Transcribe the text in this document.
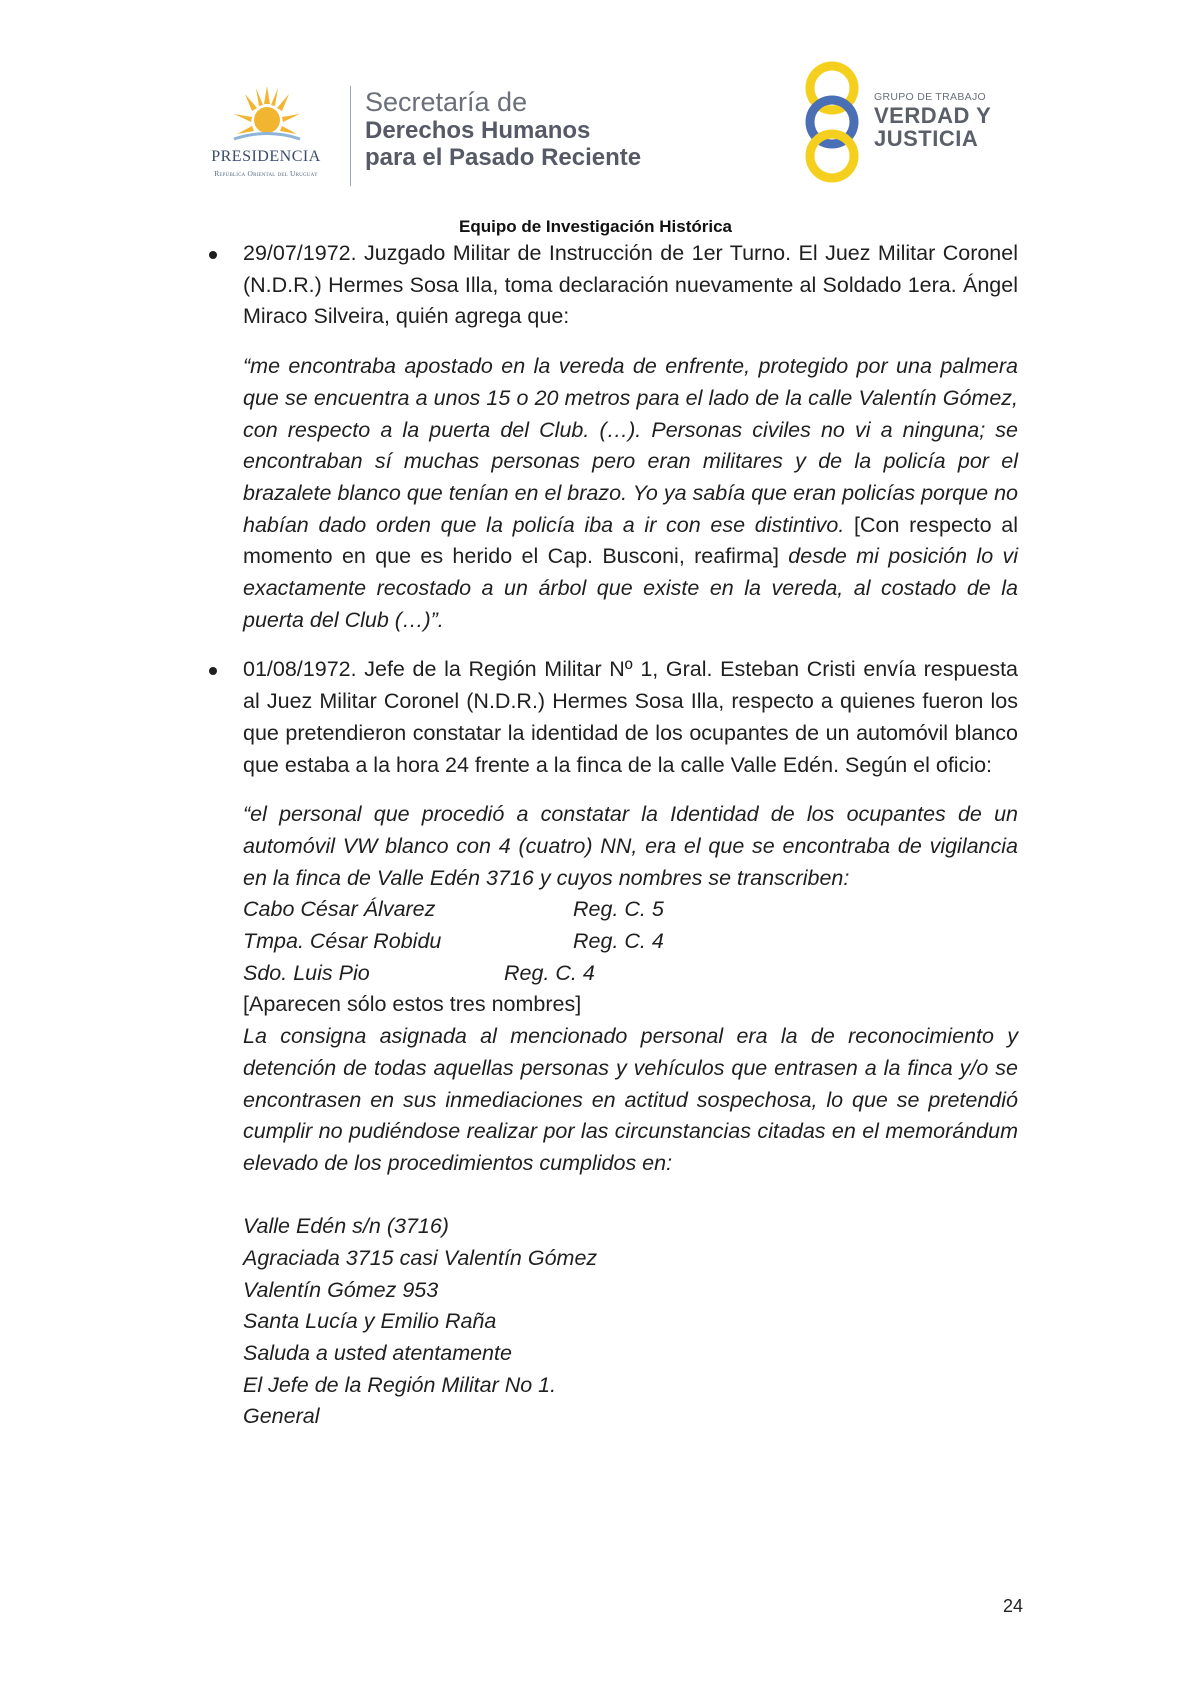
PRESIDENCIA
República Oriental del Uruguay
Secretaría de
Derechos Humanos
para el Pasado Reciente
GRUPO DE TRABAJO
VERDAD Y
JUSTICIA
Equipo de Investigación Histórica
29/07/1972. Juzgado Militar de Instrucción de 1er Turno. El Juez Militar Coronel (N.D.R.) Hermes Sosa Illa, toma declaración nuevamente al Soldado 1era. Ángel Miraco Silveira, quién agrega que:
“me encontraba apostado en la vereda de enfrente, protegido por una palmera que se encuentra a unos 15 o 20 metros para el lado de la calle Valentín Gómez, con respecto a la puerta del Club. (…). Personas civiles no vi a ninguna; se encontraban sí muchas personas pero eran militares y de la policía por el brazalete blanco que tenían en el brazo. Yo ya sabía que eran policías porque no habían dado orden que la policía iba a ir con ese distintivo. [Con respecto al momento en que es herido el Cap. Busconi, reafirma] desde mi posición lo vi exactamente recostado a un árbol que existe en la vereda, al costado de la puerta del Club (…)”.
01/08/1972. Jefe de la Región Militar Nº 1, Gral. Esteban Cristi envía respuesta al Juez Militar Coronel (N.D.R.) Hermes Sosa Illa, respecto a quienes fueron los que pretendieron constatar la identidad de los ocupantes de un automóvil blanco que estaba a la hora 24 frente a la finca de la calle Valle Edén. Según el oficio:
“el personal que procedió a constatar la Identidad de los ocupantes de un automóvil VW blanco con 4 (cuatro) NN, era el que se encontraba de vigilancia en la finca de Valle Edén 3716 y cuyos nombres se transcriben:
Cabo César Álvarez	Reg. C. 5
Tmpa. César Robidu	Reg. C. 4
Sdo. Luis Pio	Reg. C. 4
[Aparecen sólo estos tres nombres]
La consigna asignada al mencionado personal era la de reconocimiento y detención de todas aquellas personas y vehículos que entrasen a la finca y/o se encontrasen en sus inmediaciones en actitud sospechosa, lo que se pretendió cumplir no pudiéndose realizar por las circunstancias citadas en el memorándum elevado de los procedimientos cumplidos en:
Valle Edén s/n (3716)
Agraciada 3715 casi Valentín Gómez
Valentín Gómez 953
Santa Lucía y Emilio Raña
Saluda a usted atentamente
El Jefe de la Región Militar No 1.
General
24
